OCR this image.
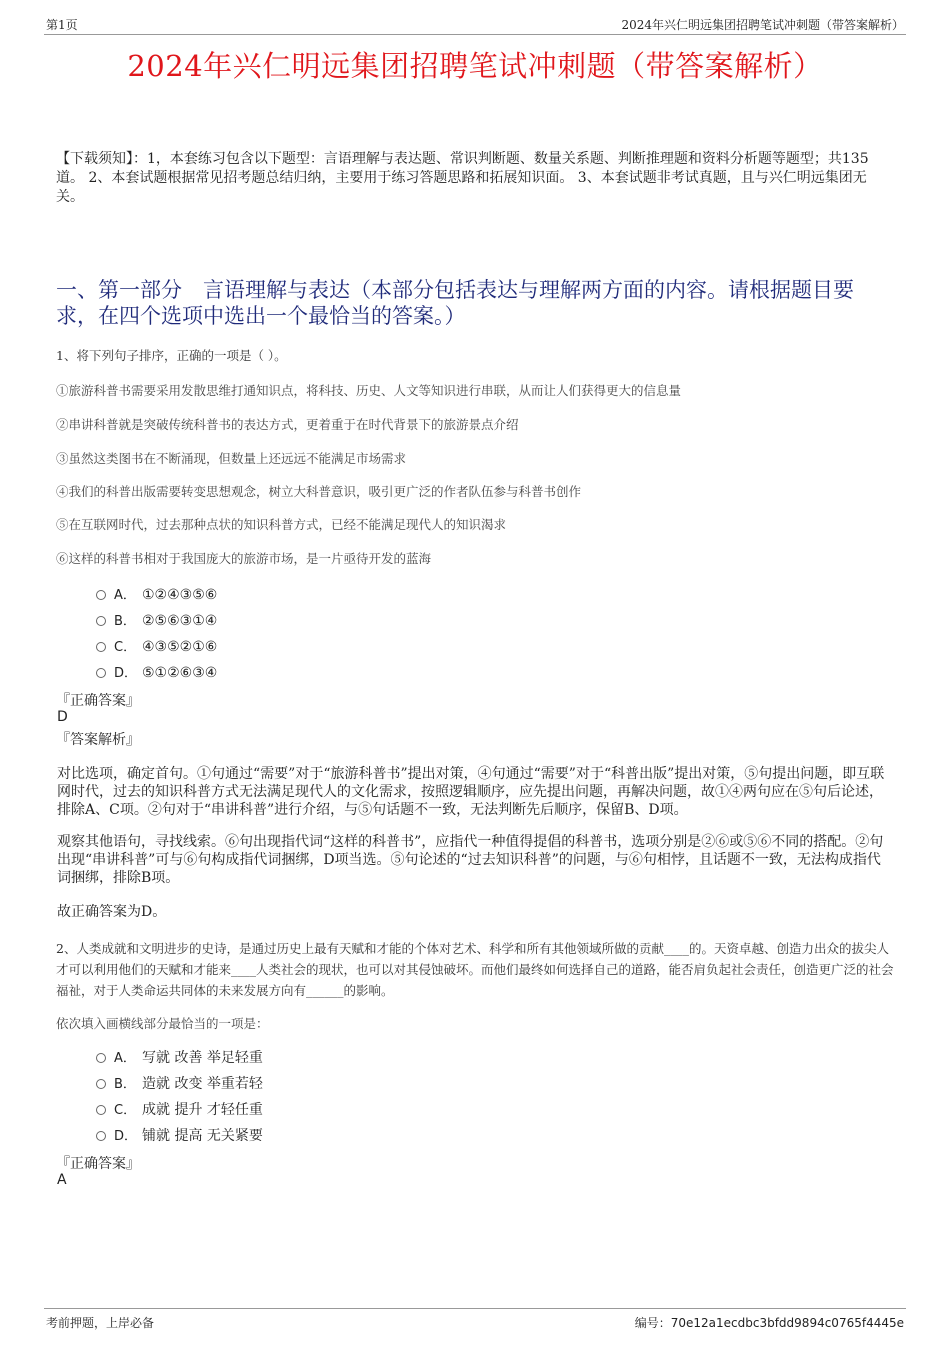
第1页	2024年兴仁明远集团招聘笔试冲刺题（带答案解析）
2024年兴仁明远集团招聘笔试冲刺题（带答案解析）
【下载须知】：1，本套练习包含以下题型：言语理解与表达题、常识判断题、数量关系题、判断推理题和资料分析题等题型；共135道。 2、本套试题根据常见招考题总结归纳，主要用于练习答题思路和拓展知识面。 3、本套试题非考试真题，且与兴仁明远集团无关。
一、第一部分　言语理解与表达（本部分包括表达与理解两方面的内容。请根据题目要求，在四个选项中选出一个最恰当的答案。）
1、将下列句子排序，正确的一项是（ ）。
①旅游科普书需要采用发散思维打通知识点，将科技、历史、人文等知识进行串联，从而让人们获得更大的信息量
②串讲科普就是突破传统科普书的表达方式，更着重于在时代背景下的旅游景点介绍
③虽然这类图书在不断涌现，但数量上还远远不能满足市场需求
④我们的科普出版需要转变思想观念，树立大科普意识，吸引更广泛的作者队伍参与科普书创作
⑤在互联网时代，过去那种点状的知识科普方式，已经不能满足现代人的知识渴求
⑥这样的科普书相对于我国庞大的旅游市场，是一片亟待开发的蓝海
A． ①②④③⑤⑥
B． ②⑤⑥③①④
C． ④③⑤②①⑥
D． ⑤①②⑥③④
『正确答案』
D
『答案解析』
对比选项，确定首句。①句通过“需要”对于“旅游科普书”提出对策，④句通过“需要”对于“科普出版”提出对策，⑤句提出问题，即互联网时代，过去的知识科普方式无法满足现代人的文化需求，按照逻辑顺序，应先提出问题，再解决问题，故①④两句应在⑤句后论述，排除A、C项。②句对于“串讲科普”进行介绍，与⑤句话题不一致，无法判断先后顺序，保留B、D项。
观察其他语句，寻找线索。⑥句出现指代词“这样的科普书”，应指代一种值得提倡的科普书，选项分别是②⑥或⑤⑥不同的搭配。②句出现“串讲科普”可与⑥句构成指代词捆绑，D项当选。⑤句论述的“过去知识科普”的问题，与⑥句相悖，且话题不一致，无法构成指代词捆绑，排除B项。
故正确答案为D。
2、人类成就和文明进步的史诗，是通过历史上最有天赋和才能的个体对艺术、科学和所有其他领域所做的贡献____的。天资卓越、创造力出众的拔尖人才可以利用他们的天赋和才能来____人类社会的现状，也可以对其侵蚀破坏。而他们最终如何选择自己的道路，能否肩负起社会责任，创造更广泛的社会福祉，对于人类命运共同体的未来发展方向有______的影响。
依次填入画横线部分最恰当的一项是：
A． 写就 改善 举足轻重
B． 造就 改变 举重若轻
C． 成就 提升 才轻任重
D． 铺就 提高 无关紧要
『正确答案』
A
考前押题，上岸必备	编号：70e12a1ecdbc3bfdd9894c0765f4445e
